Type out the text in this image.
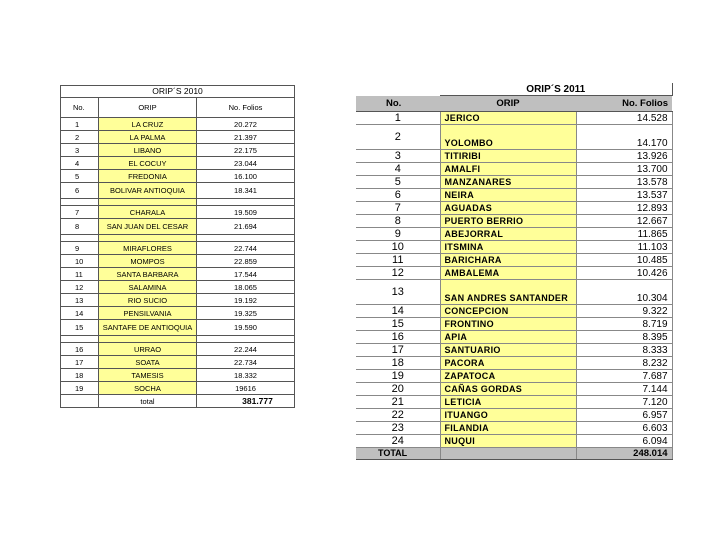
ORIP´S 2010		
No.	ORIP	No. Folios
1	LA CRUZ	20.272
2	LA PALMA	21.397
3	LIBANO	22.175
4	EL COCUY	23.044
5	FREDONIA	16.100
6	BOLIVAR ANTIOQUIA	18.341

7	CHARALA	19.509
8	SAN JUAN DEL CESAR	21.694

9	MIRAFLORES	22.744
10	MOMPOS	22.859
11	SANTA BARBARA	17.544
12	SALAMINA	18.065
13	RIO SUCIO	19.192
14	PENSILVANIA	19.325
15	SANTAFE DE ANTIOQUIA	19.590

16	URRAO	22.244
17	SOATA	22.734
18	TAMESIS	18.332
19	SOCHA	19616
	total	381.777
	ORIP´S 2011	
No.	ORIP	No. Folios
1	JERICO	14.528
2	YOLOMBO	14.170
3	TITIRIBI	13.926
4	AMALFI	13.700
5	MANZANARES	13.578
6	NEIRA	13.537
7	AGUADAS	12.893
8	PUERTO BERRIO	12.667
9	ABEJORRAL	11.865
10	ITSMINA	11.103
11	BARICHARA	10.485
12	AMBALEMA	10.426
13	SAN ANDRES SANTANDER	10.304
14	CONCEPCION	9.322
15	FRONTINO	8.719
16	APIA	8.395
17	SANTUARIO	8.333
18	PACORA	8.232
19	ZAPATOCA	7.687
20	CAÑAS GORDAS	7.144
21	LETICIA	7.120
22	ITUANGO	6.957
23	FILANDIA	6.603
24	NUQUI	6.094
TOTAL		248.014
